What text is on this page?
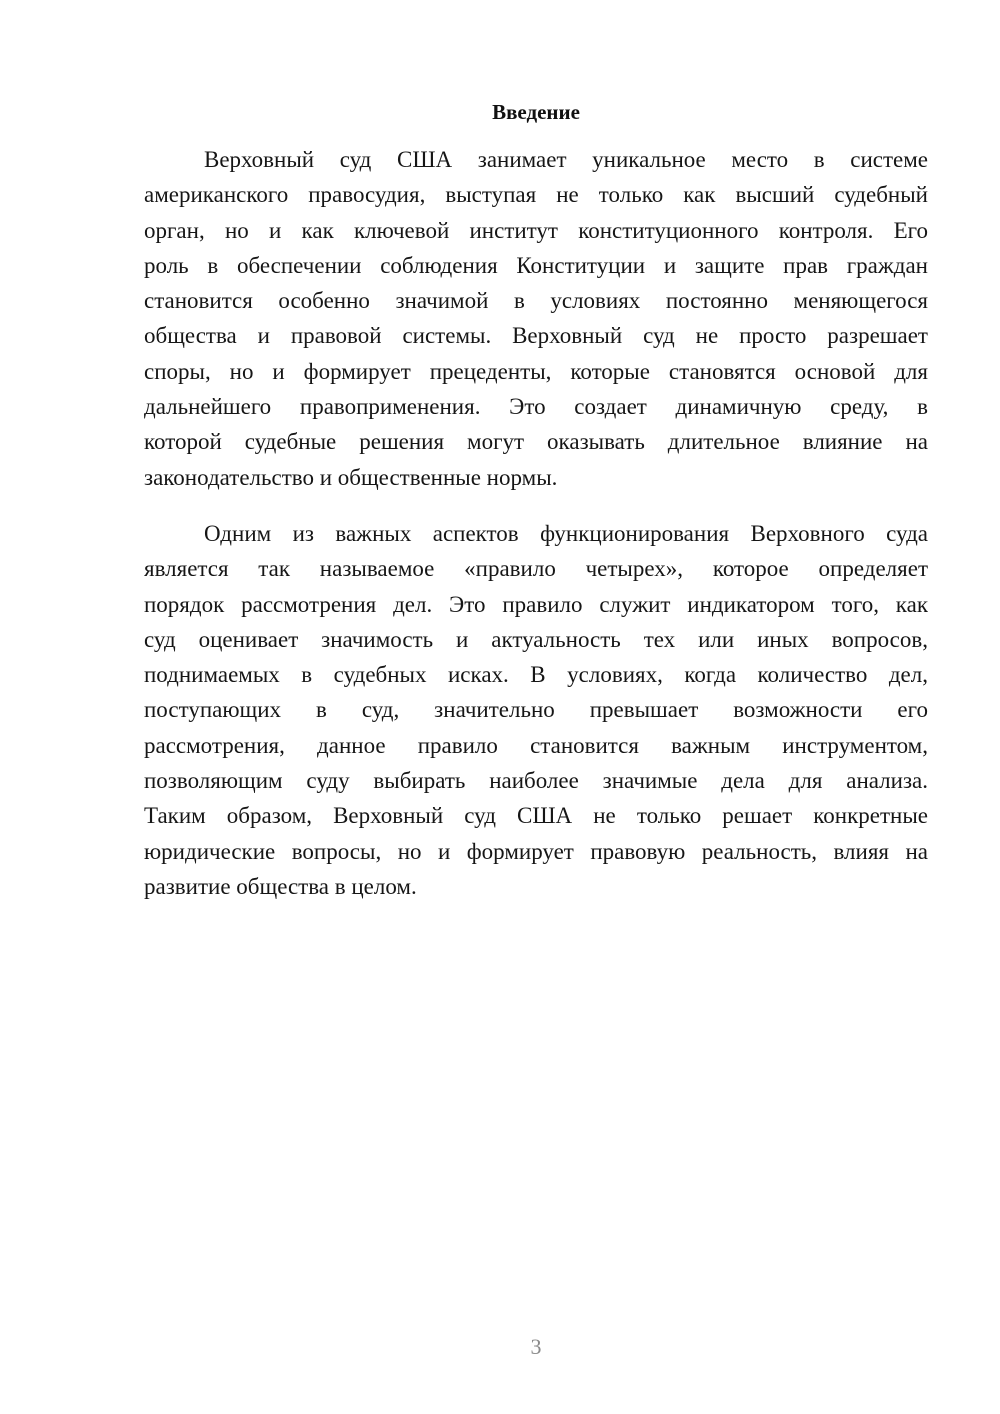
Введение
Верховный суд США занимает уникальное место в системе
американского правосудия, выступая не только как высший судебный
орган, но и как ключевой институт конституционного контроля. Его
роль в обеспечении соблюдения Конституции и защите прав граждан
становится особенно значимой в условиях постоянно меняющегося
общества и правовой системы. Верховный суд не просто разрешает
споры, но и формирует прецеденты, которые становятся основой для
дальнейшего правоприменения. Это создает динамичную среду, в
которой судебные решения могут оказывать длительное влияние на
законодательство и общественные нормы.
Одним из важных аспектов функционирования Верховного суда
является так называемое «правило четырех», которое определяет
порядок рассмотрения дел. Это правило служит индикатором того, как
суд оценивает значимость и актуальность тех или иных вопросов,
поднимаемых в судебных исках. В условиях, когда количество дел,
поступающих в суд, значительно превышает возможности его
рассмотрения, данное правило становится важным инструментом,
позволяющим суду выбирать наиболее значимые дела для анализа.
Таким образом, Верховный суд США не только решает конкретные
юридические вопросы, но и формирует правовую реальность, влияя на
развитие общества в целом.
3
